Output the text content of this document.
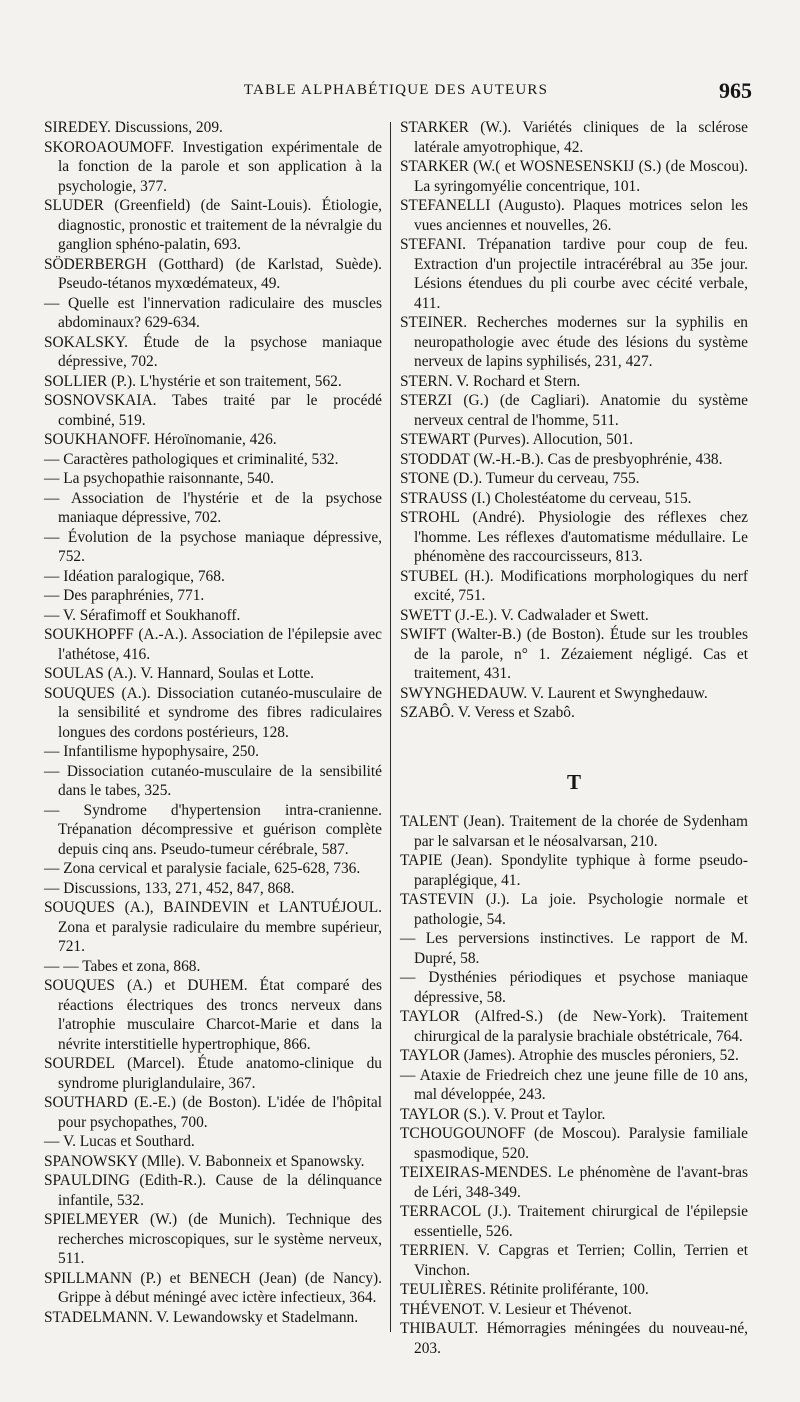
TABLE ALPHABÉTIQUE DES AUTEURS	965

SIREDEY. Discussions, 209.

SKOROAOUMOFF. Investigation expérimentale de la fonction de la parole et son application à la psychologie, 377.

SLUDER (Greenfield) (de Saint-Louis). Étiologie, diagnostic, pronostic et traitement de la névralgie du ganglion sphéno-palatin, 693.

SÖDERBERGH (Gotthard) (de Karlstad, Suède). Pseudo-tétanos myxœdémateux, 49.

— Quelle est l'innervation radiculaire des muscles abdominaux? 629-634.

SOKALSKY. Étude de la psychose maniaque dépressive, 702.

SOLLIER (P.). L'hystérie et son traitement, 562.

SOSNOVSKAIA. Tabes traité par le procédé combiné, 519.

SOUKHANOFF. Héroïnomanie, 426.

— Caractères pathologiques et criminalité, 532.

— La psychopathie raisonnante, 540.

— Association de l'hystérie et de la psychose maniaque dépressive, 702.

— Évolution de la psychose maniaque dépressive, 752.

— Idéation paralogique, 768.

— Des paraphrénies, 771.

— V. Sérafimoff et Soukhanoff.

SOUKHOPFF (A.-A.). Association de l'épilepsie avec l'athétose, 416.

SOULAS (A.). V. Hannard, Soulas et Lotte.

SOUQUES (A.). Dissociation cutanéo-musculaire de la sensibilité et syndrome des fibres radiculaires longues des cordons postérieurs, 128.

— Infantilisme hypophysaire, 250.

— Dissociation cutanéo-musculaire de la sensibilité dans le tabes, 325.

— Syndrome d'hypertension intra-cranienne. Trépanation décompressive et guérison complète depuis cinq ans. Pseudo-tumeur cérébrale, 587.

— Zona cervical et paralysie faciale, 625-628, 736.

— Discussions, 133, 271, 452, 847, 868.

SOUQUES (A.), BAINDEVIN et LANTUÉJOUL. Zona et paralysie radiculaire du membre supérieur, 721.

— — Tabes et zona, 868.

SOUQUES (A.) et DUHEM. État comparé des réactions électriques des troncs nerveux dans l'atrophie musculaire Charcot-Marie et dans la névrite interstitielle hypertrophique, 866.

SOURDEL (Marcel). Étude anatomo-clinique du syndrome pluriglandulaire, 367.

SOUTHARD (E.-E.) (de Boston). L'idée de l'hôpital pour psychopathes, 700.

— V. Lucas et Southard.

SPANOWSKY (Mlle). V. Babonneix et Spanowsky.

SPAULDING (Edith-R.). Cause de la délinquance infantile, 532.

SPIELMEYER (W.) (de Munich). Technique des recherches microscopiques, sur le système nerveux, 511.

SPILLMANN (P.) et BENECH (Jean) (de Nancy). Grippe à début méningé avec ictère infectieux, 364.

STADELMANN. V. Lewandowsky et Stadelmann.

STARKER (W.). Variétés cliniques de la sclérose latérale amyotrophique, 42.

STARKER (W.( et WOSNESENSKIJ (S.) (de Moscou). La syringomyélie concentrique, 101.

STEFANELLI (Augusto). Plaques motrices selon les vues anciennes et nouvelles, 26.

STEFANI. Trépanation tardive pour coup de feu. Extraction d'un projectile intracérébral au 35e jour. Lésions étendues du pli courbe avec cécité verbale, 411.

STEINER. Recherches modernes sur la syphilis en neuropathologie avec étude des lésions du système nerveux de lapins syphilisés, 231, 427.

STERN. V. Rochard et Stern.

STERZI (G.) (de Cagliari). Anatomie du système nerveux central de l'homme, 511.

STEWART (Purves). Allocution, 501.

STODDAT (W.-H.-B.). Cas de presbyophrénie, 438.

STONE (D.). Tumeur du cerveau, 755.

STRAUSS (I.) Cholestéatome du cerveau, 515.

STROHL (André). Physiologie des réflexes chez l'homme. Les réflexes d'automatisme médullaire. Le phénomène des raccourcisseurs, 813.

STUBEL (H.). Modifications morphologiques du nerf excité, 751.

SWETT (J.-E.). V. Cadwalader et Swett.

SWIFT (Walter-B.) (de Boston). Étude sur les troubles de la parole, n° 1. Zézaiement négligé. Cas et traitement, 431.

SWYNGHEDAUW. V. Laurent et Swynghedauw.

SZABÔ. V. Veress et Szabô.

T

TALENT (Jean). Traitement de la chorée de Sydenham par le salvarsan et le néosalvarsan, 210.

TAPIE (Jean). Spondylite typhique à forme pseudo-paraplégique, 41.

TASTEVIN (J.). La joie. Psychologie normale et pathologie, 54.

— Les perversions instinctives. Le rapport de M. Dupré, 58.

— Dysthénies périodiques et psychose maniaque dépressive, 58.

TAYLOR (Alfred-S.) (de New-York). Traitement chirurgical de la paralysie brachiale obstétricale, 764.

TAYLOR (James). Atrophie des muscles péroniers, 52.

— Ataxie de Friedreich chez une jeune fille de 10 ans, mal développée, 243.

TAYLOR (S.). V. Prout et Taylor.

TCHOUGOUNOFF (de Moscou). Paralysie familiale spasmodique, 520.

TEIXEIRAS-MENDES. Le phénomène de l'avant-bras de Léri, 348-349.

TERRACOL (J.). Traitement chirurgical de l'épilepsie essentielle, 526.

TERRIEN. V. Capgras et Terrien; Collin, Terrien et Vinchon.

TEULIÈRES. Rétinite proliférante, 100.

THÉVENOT. V. Lesieur et Thévenot.

THIBAULT. Hémorragies méningées du nouveau-né, 203.
